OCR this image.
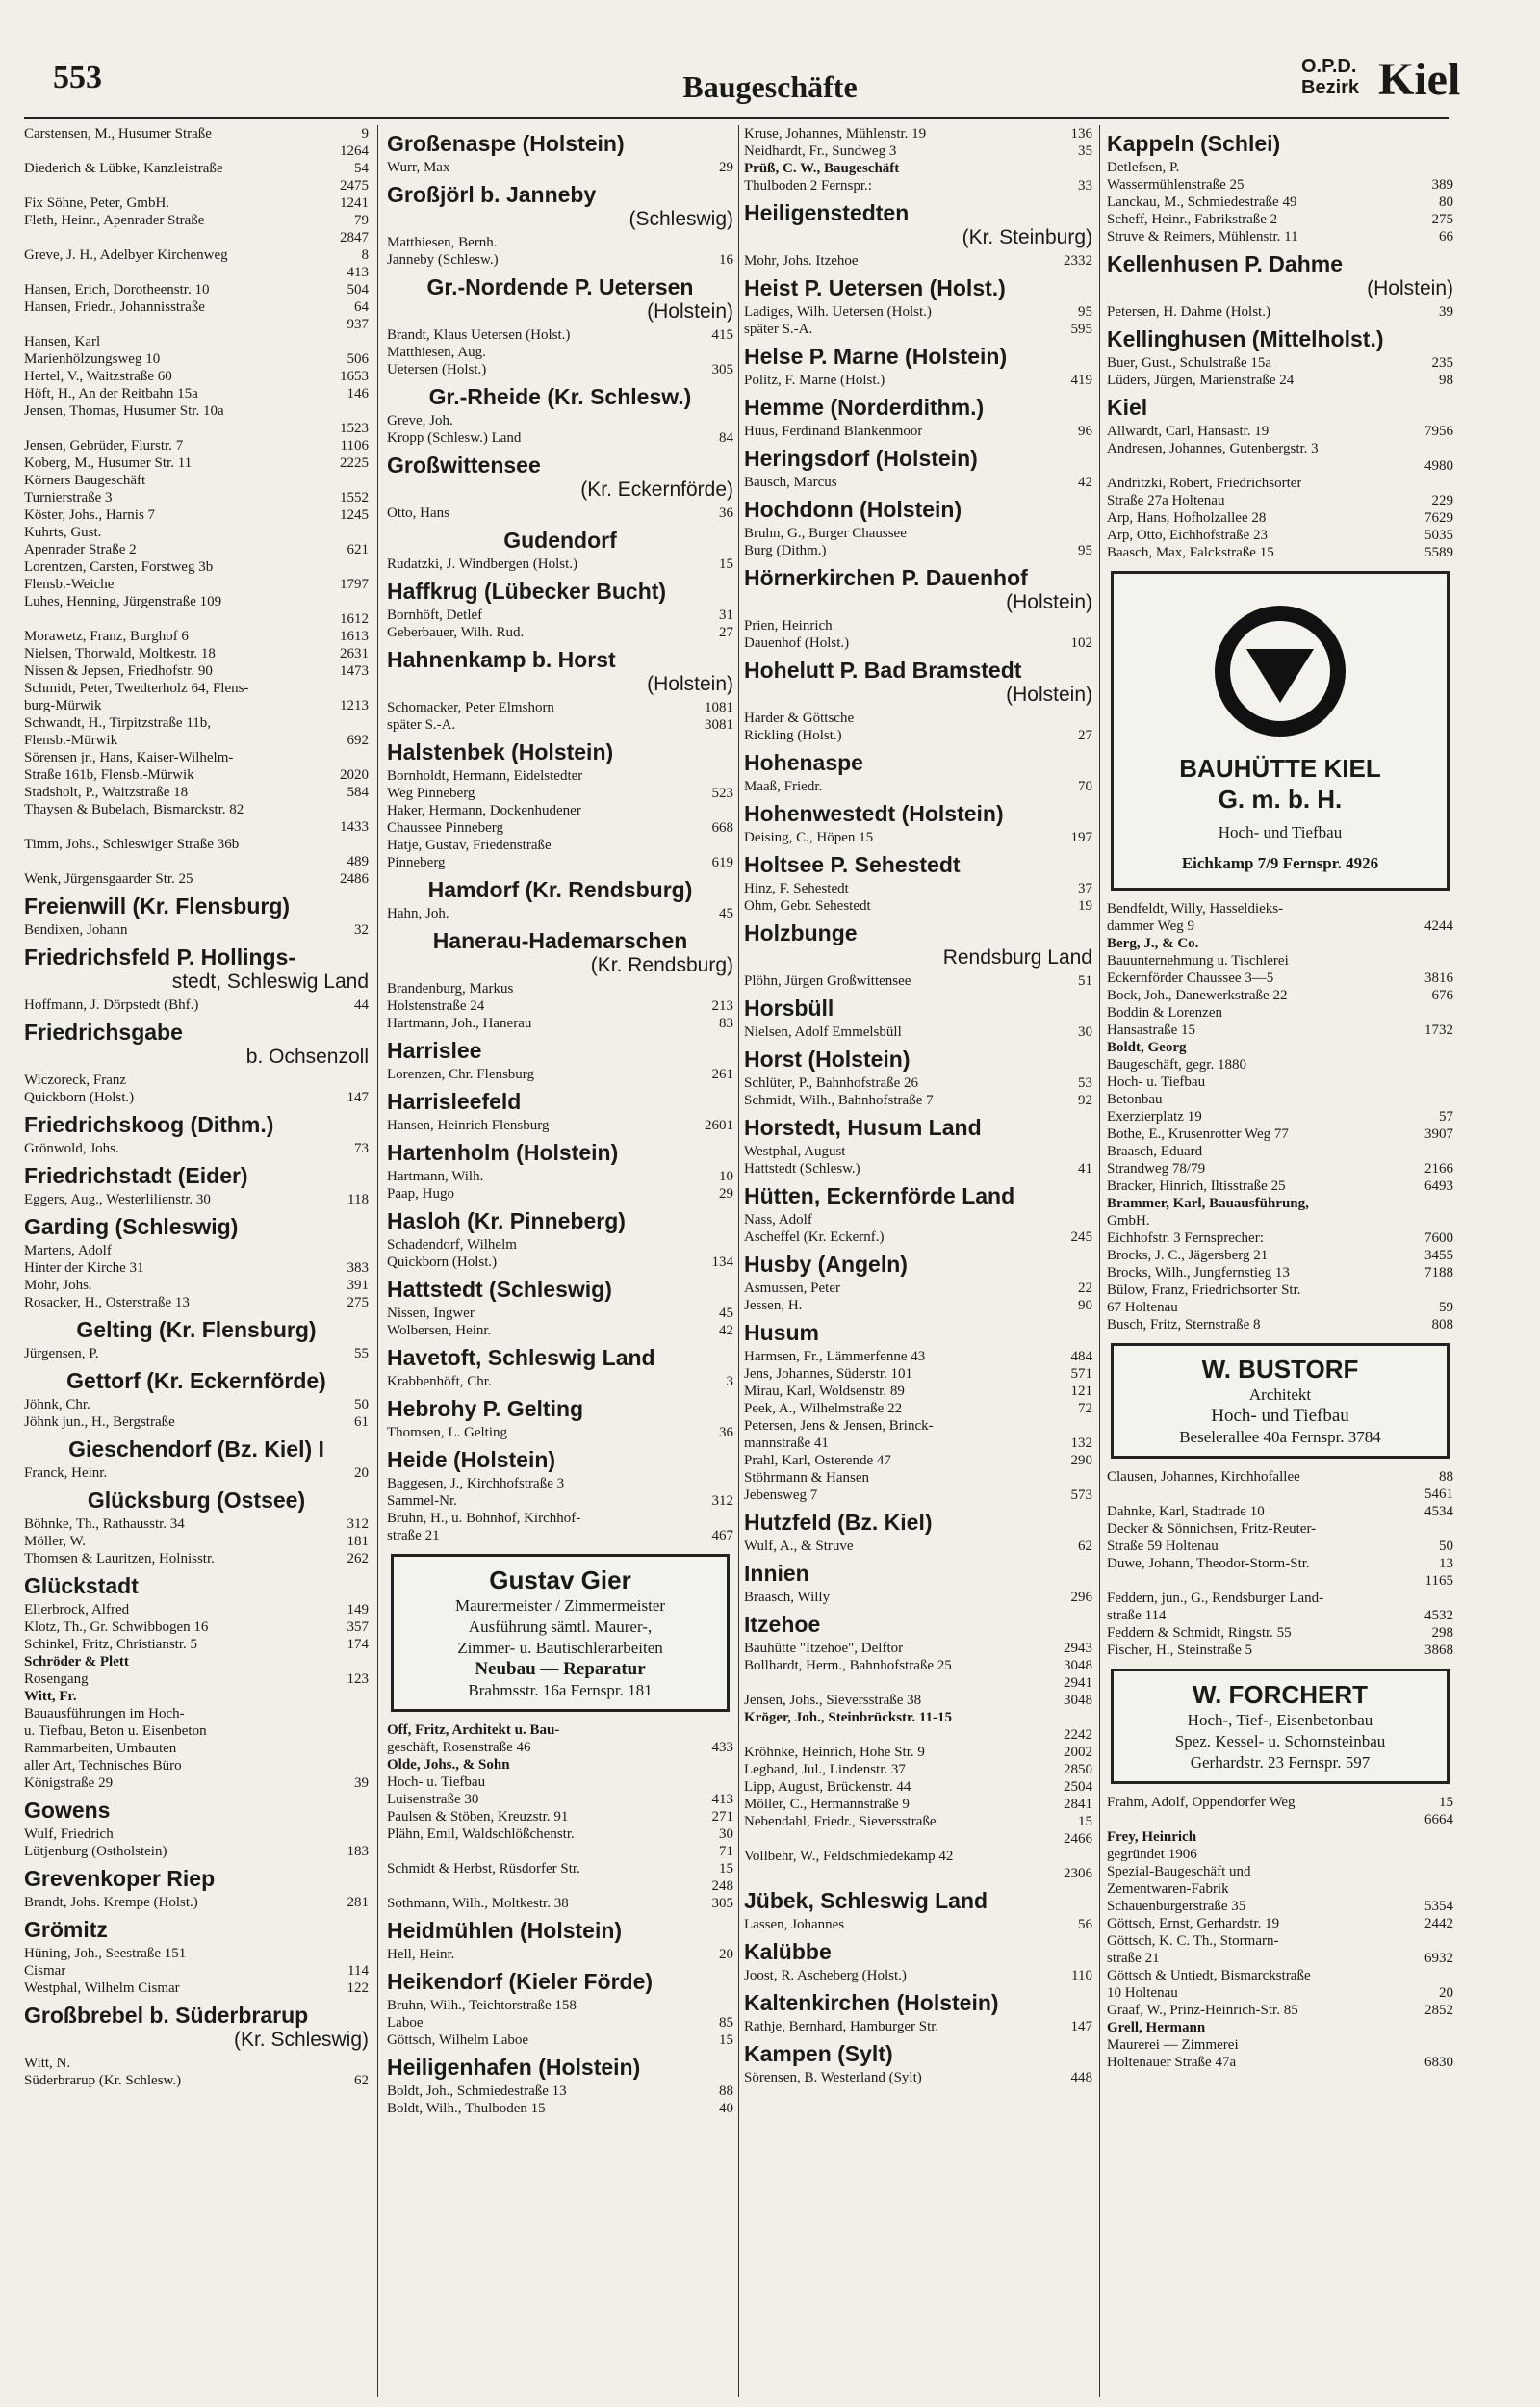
553	Baugeschäfte
O.P.D.
Bezirk Kiel
Carstensen, M., Husumer Straße	9
1264
Diederich & Lübke, Kanzleistraße	54
2475
Fix Söhne, Peter, GmbH.	1241
Fleth, Heinr., Apenrader Straße	79
2847
Greve, J. H., Adelbyer Kirchenweg	8
413
Hansen, Erich, Dorotheenstr. 10	504
Hansen, Friedr., Johannisstraße	64
937
Hansen, Karl
Marienhölzungsweg 10	506
Hertel, V., Waitzstraße 60	1653
Höft, H., An der Reitbahn 15a	146
Jensen, Thomas, Husumer Str. 10a
1523
Jensen, Gebrüder, Flurstr. 7	1106
Koberg, M., Husumer Str. 11	2225
Körners Baugeschäft
Turnierstraße 3	1552
Köster, Johs., Harnis 7	1245
Kuhrts, Gust.
Apenrader Straße 2	621
Lorentzen, Carsten, Forstweg 3b
Flensb.-Weiche	1797
Luhes, Henning, Jürgenstraße 109
1612
Morawetz, Franz, Burghof 6	1613
Nielsen, Thorwald, Moltkestr. 18	2631
Nissen & Jepsen, Friedhofstr. 90	1473
Schmidt, Peter, Twedterholz 64, Flens-
burg-Mürwik	1213
Schwandt, H., Tirpitzstraße 11b,
Flensb.-Mürwik	692
Sörensen jr., Hans, Kaiser-Wilhelm-
Straße 161b, Flensb.-Mürwik	2020
Stadsholt, P., Waitzstraße 18	584
Thaysen & Bubelach, Bismarckstr. 82
1433
Timm, Johs., Schleswiger Straße 36b
489
Wenk, Jürgensgaarder Str. 25	2486
Freienwill (Kr. Flensburg)
Bendixen, Johann	32
Friedrichsfeld P. Hollings-
stedt, Schleswig Land
Hoffmann, J. Dörpstedt (Bhf.)	44
Friedrichsgabe
b. Ochsenzoll
Wiczoreck, Franz
Quickborn (Holst.)	147
Friedrichskoog (Dithm.)
Grönwold, Johs.	73
Friedrichstadt (Eider)
Eggers, Aug., Westerlilienstr. 30	118
Garding (Schleswig)
Martens, Adolf
Hinter der Kirche 31	383
Mohr, Johs.	391
Rosacker, H., Osterstraße 13	275
Gelting (Kr. Flensburg)
Jürgensen, P.	55
Gettorf (Kr. Eckernförde)
Jöhnk, Chr.	50
Jöhnk jun., H., Bergstraße	61
Gieschendorf (Bz. Kiel) I
Franck, Heinr.	20
Glücksburg (Ostsee)
Böhnke, Th., Rathausstr. 34	312
Möller, W.	181
Thomsen & Lauritzen, Holnisstr.	262
Glückstadt
Ellerbrock, Alfred	149
Klotz, Th., Gr. Schwibbogen 16	357
Schinkel, Fritz, Christianstr. 5	174
Schröder & Plett
Rosengang	123
Witt, Fr.
Bauausführungen im Hoch-
u. Tiefbau, Beton u. Eisenbeton
Rammarbeiten, Umbauten
aller Art, Technisches Büro
Königstraße 29	39
Gowens
Wulf, Friedrich
Lütjenburg (Ostholstein)	183
Grevenkoper Riep
Brandt, Johs. Krempe (Holst.)	281
Grömitz
Hüning, Joh., Seestraße 151
Cismar	114
Westphal, Wilhelm Cismar	122
Großbrebel b. Süderbrarup
(Kr. Schleswig)
Witt, N.
Süderbrarup (Kr. Schlesw.)	62
Großenaspe (Holstein)
Wurr, Max	29
Großjörl b. Janneby
(Schleswig)
Matthiesen, Bernh.
Janneby (Schlesw.)	16
Gr.-Nordende P. Uetersen
(Holstein)
Brandt, Klaus Uetersen (Holst.)	415
Matthiesen, Aug.
Uetersen (Holst.)	305
Gr.-Rheide (Kr. Schlesw.)
Greve, Joh.
Kropp (Schlesw.) Land	84
Großwittensee
(Kr. Eckernförde)
Otto, Hans	36
Gudendorf
Rudatzki, J. Windbergen (Holst.)	15
Haffkrug (Lübecker Bucht)
Bornhöft, Detlef	31
Geberbauer, Wilh. Rud.	27
Hahnenkamp b. Horst
(Holstein)
Schomacker, Peter Elmshorn	1081
später S.-A.	3081
Halstenbek (Holstein)
Bornholdt, Hermann, Eidelstedter
Weg Pinneberg	523
Haker, Hermann, Dockenhudener
Chaussee Pinneberg	668
Hatje, Gustav, Friedenstraße
Pinneberg	619
Hamdorf (Kr. Rendsburg)
Hahn, Joh.	45
Hanerau-Hademarschen
(Kr. Rendsburg)
Brandenburg, Markus
Holstenstraße 24	213
Hartmann, Joh., Hanerau	83
Harrislee
Lorenzen, Chr. Flensburg	261
Harrisleefeld
Hansen, Heinrich Flensburg	2601
Hartenholm (Holstein)
Hartmann, Wilh.	10
Paap, Hugo	29
Hasloh (Kr. Pinneberg)
Schadendorf, Wilhelm
Quickborn (Holst.)	134
Hattstedt (Schleswig)
Nissen, Ingwer	45
Wolbersen, Heinr.	42
Havetoft, Schleswig Land
Krabbenhöft, Chr.	3
Hebrohy P. Gelting
Thomsen, L. Gelting	36
Heide (Holstein)
Baggesen, J., Kirchhofstraße 3
Sammel-Nr.	312
Bruhn, H., u. Bohnhof, Kirchhof-
straße 21	467
Gustav Gier
Maurermeister / Zimmermeister
Ausführung sämtl. Maurer-,
Zimmer- u. Bautischlerarbeiten
Neubau — Reparatur
Brahmsstr. 16a Fernspr. 181
Off, Fritz, Architekt u. Bau-
geschäft, Rosenstraße 46	433
Olde, Johs., & Sohn
Hoch- u. Tiefbau
Luisenstraße 30	413
Paulsen & Stöben, Kreuzstr. 91	271
Plähn, Emil, Waldschlößchenstr.	30
71
Schmidt & Herbst, Rüsdorfer Str.	15
248
Sothmann, Wilh., Moltkestr. 38	305
Heidmühlen (Holstein)
Hell, Heinr.	20
Heikendorf (Kieler Förde)
Bruhn, Wilh., Teichtorstraße 158
Laboe	85
Göttsch, Wilhelm Laboe	15
Heiligenhafen (Holstein)
Boldt, Joh., Schmiedestraße 13	88
Boldt, Wilh., Thulboden 15	40
Kruse, Johannes, Mühlenstr. 19	136
Neidhardt, Fr., Sundweg 3	35
Prüß, C. W., Baugeschäft
Thulboden 2 Fernspr.:	33
Heiligenstedten
(Kr. Steinburg)
Mohr, Johs. Itzehoe	2332
Heist P. Uetersen (Holst.)
Ladiges, Wilh. Uetersen (Holst.)	95
später S.-A.	595
Helse P. Marne (Holstein)
Politz, F. Marne (Holst.)	419
Hemme (Norderdithm.)
Huus, Ferdinand Blankenmoor	96
Heringsdorf (Holstein)
Bausch, Marcus	42
Hochdonn (Holstein)
Bruhn, G., Burger Chaussee
Burg (Dithm.)	95
Hörnerkirchen P. Dauenhof
(Holstein)
Prien, Heinrich
Dauenhof (Holst.)	102
Hohelutt P. Bad Bramstedt
(Holstein)
Harder & Göttsche
Rickling (Holst.)	27
Hohenaspe
Maaß, Friedr.	70
Hohenwestedt (Holstein)
Deising, C., Höpen 15	197
Holtsee P. Sehestedt
Hinz, F. Sehestedt	37
Ohm, Gebr. Sehestedt	19
Holzbunge
Rendsburg Land
Plöhn, Jürgen Großwittensee	51
Horsbüll
Nielsen, Adolf Emmelsbüll	30
Horst (Holstein)
Schlüter, P., Bahnhofstraße 26	53
Schmidt, Wilh., Bahnhofstraße 7	92
Horstedt, Husum Land
Westphal, August
Hattstedt (Schlesw.)	41
Hütten, Eckernförde Land
Nass, Adolf
Ascheffel (Kr. Eckernf.)	245
Husby (Angeln)
Asmussen, Peter	22
Jessen, H.	90
Husum
Harmsen, Fr., Lämmerfenne 43	484
Jens, Johannes, Süderstr. 101	571
Mirau, Karl, Woldsenstr. 89	121
Peek, A., Wilhelmstraße 22	72
Petersen, Jens & Jensen, Brinck-
mannstraße 41	132
Prahl, Karl, Osterende 47	290
Stöhrmann & Hansen
Jebensweg 7	573
Hutzfeld (Bz. Kiel)
Wulf, A., & Struve	62
Innien
Braasch, Willy	296
Itzehoe
Bauhütte "Itzehoe", Delftor	2943
Bollhardt, Herm., Bahnhofstraße 25	3048
2941
Jensen, Johs., Sieversstraße 38	3048
Kröger, Joh., Steinbrückstr. 11-15
2242
Kröhnke, Heinrich, Hohe Str. 9	2002
Legband, Jul., Lindenstr. 37	2850
Lipp, August, Brückenstr. 44	2504
Möller, C., Hermannstraße 9	2841
Nebendahl, Friedr., Sieversstraße	15
2466
Vollbehr, W., Feldschmiedekamp 42
2306
Jübek, Schleswig Land
Lassen, Johannes	56
Kalübbe
Joost, R. Ascheberg (Holst.)	110
Kaltenkirchen (Holstein)
Rathje, Bernhard, Hamburger Str.	147
Kampen (Sylt)
Sörensen, B. Westerland (Sylt)	448
Kappeln (Schlei)
Detlefsen, P.
Wassermühlenstraße 25	389
Lanckau, M., Schmiedestraße 49	80
Scheff, Heinr., Fabrikstraße 2	275
Struve & Reimers, Mühlenstr. 11	66
Kellenhusen P. Dahme
(Holstein)
Petersen, H. Dahme (Holst.)	39
Kellinghusen (Mittelholst.)
Buer, Gust., Schulstraße 15a	235
Lüders, Jürgen, Marienstraße 24	98
Kiel
Allwardt, Carl, Hansastr. 19	7956
Andresen, Johannes, Gutenbergstr. 3
4980
Andritzki, Robert, Friedrichsorter
Straße 27a Holtenau	229
Arp, Hans, Hofholzallee 28	7629
Arp, Otto, Eichhofstraße 23	5035
Baasch, Max, Falckstraße 15	5589
BAUHÜTTE KIEL
G. m. b. H.
Hoch- und Tiefbau
Eichkamp 7/9 Fernspr. 4926
Bendfeldt, Willy, Hasseldieks-
dammer Weg 9	4244
Berg, J., & Co.
Bauunternehmung u. Tischlerei
Eckernförder Chaussee 3—5	3816
Bock, Joh., Danewerkstraße 22	676
Boddin & Lorenzen
Hansastraße 15	1732
Boldt, Georg
Baugeschäft, gegr. 1880
Hoch- u. Tiefbau
Betonbau
Exerzierplatz 19	57
Bothe, E., Krusenrotter Weg 77	3907
Braasch, Eduard
Strandweg 78/79	2166
Bracker, Hinrich, Iltisstraße 25	6493
Brammer, Karl, Bauausführung,
GmbH.
Eichhofstr. 3 Fernsprecher:	7600
Brocks, J. C., Jägersberg 21	3455
Brocks, Wilh., Jungfernstieg 13	7188
Bülow, Franz, Friedrichsorter Str.
67 Holtenau	59
Busch, Fritz, Sternstraße 8	808
W. BUSTORF
Architekt
Hoch- und Tiefbau
Beselerallee 40a Fernspr. 3784
Clausen, Johannes, Kirchhofallee	88
5461
Dahnke, Karl, Stadtrade 10	4534
Decker & Sönnichsen, Fritz-Reuter-
Straße 59 Holtenau	50
Duwe, Johann, Theodor-Storm-Str.	13
1165
Feddern, jun., G., Rendsburger Land-
straße 114	4532
Feddern & Schmidt, Ringstr. 55	298
Fischer, H., Steinstraße 5	3868
W. FORCHERT
Hoch-, Tief-, Eisenbetonbau
Spez. Kessel- u. Schornsteinbau
Gerhardstr. 23 Fernspr. 597
Frahm, Adolf, Oppendorfer Weg	15
6664
Frey, Heinrich
gegründet 1906
Spezial-Baugeschäft und
Zementwaren-Fabrik
Schauenburgerstraße 35	5354
Göttsch, Ernst, Gerhardstr. 19	2442
Göttsch, K. C. Th., Stormarn-
straße 21	6932
Göttsch & Untiedt, Bismarckstraße
10 Holtenau	20
Graaf, W., Prinz-Heinrich-Str. 85	2852
Grell, Hermann
Maurerei — Zimmerei
Holtenauer Straße 47a	6830
